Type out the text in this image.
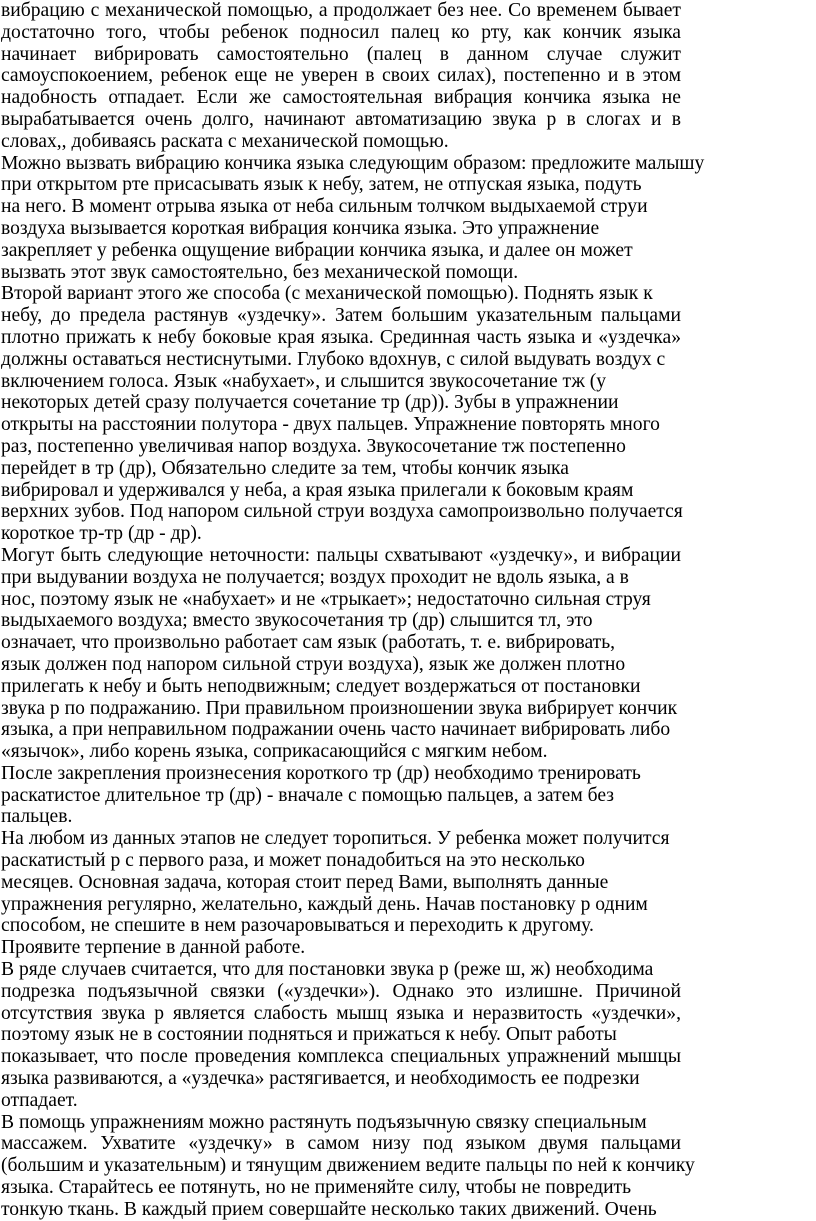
вибрацию с механической помощью, а продолжает без нее. Со временем бывает
достаточно того, чтобы ребенок подносил палец ко рту, как кончик языка
начинает вибрировать самостоятельно (палец в данном случае служит
самоуспокоением, ребенок еще не уверен в своих силах), постепенно и в этом
надобность отпадает. Если же самостоятельная вибрация кончика языка не
вырабатывается очень долго, начинают автоматизацию звука р в слогах и в
словах,, добиваясь раската с механической помощью.
Можно вызвать вибрацию кончика языка следующим образом: предложите малышу
при открытом рте присасывать язык к небу, затем, не отпуская языка, подуть
на него. В момент отрыва языка от неба сильным толчком выдыхаемой струи
воздуха вызывается короткая вибрация кончика языка. Это упражнение
закрепляет у ребенка ощущение вибрации кончика языка, и далее он может
вызвать этот звук самостоятельно, без механической помощи.
Второй вариант этого же способа (с механической помощью). Поднять язык к
небу, до предела растянув «уздечку». Затем большим указательным пальцами
плотно прижать к небу боковые края языка. Срединная часть языка и «уздечка»
должны оставаться нестиснутыми. Глубоко вдохнув, с силой выдувать воздух с
включением голоса. Язык «набухает», и слышится звукосочетание тж (у
некоторых детей сразу получается сочетание тр (др)). Зубы в упражнении
открыты на расстоянии полутора - двух пальцев. Упражнение повторять много
раз, постепенно увеличивая напор воздуха. Звукосочетание тж постепенно
перейдет в тр (др), Обязательно следите за тем, чтобы кончик языка
вибрировал и удерживался у неба, а края языка прилегали к боковым краям
верхних зубов. Под напором сильной струи воздуха самопроизвольно получается
короткое тр-тр (др - др).
Могут быть следующие неточности: пальцы схватывают «уздечку», и вибрации
при выдувании воздуха не получается; воздух проходит не вдоль языка, а в
нос, поэтому язык не «набухает» и не «трыкает»; недостаточно сильная струя
выдыхаемого воздуха; вместо звукосочетания тр (др) слышится тл, это
означает, что произвольно работает сам язык (работать, т. е. вибрировать,
язык должен под напором сильной струи воздуха), язык же должен плотно
прилегать к небу и быть неподвижным; следует воздержаться от постановки
звука р по подражанию. При правильном произношении звука вибрирует кончик
языка, а при неправильном подражании очень часто начинает вибрировать либо
«язычок», либо корень языка, соприкасающийся с мягким небом.
После закрепления произнесения короткого тр (др) необходимо тренировать
раскатистое длительное тр (др) - вначале с помощью пальцев, а затем без
пальцев.
На любом из данных этапов не следует торопиться. У ребенка может получится
раскатистый р с первого раза, и может понадобиться на это несколько
месяцев. Основная задача, которая стоит перед Вами, выполнять данные
упражнения регулярно, желательно, каждый день. Начав постановку р одним
способом, не спешите в нем разочаровываться и переходить к другому.
Проявите терпение в данной работе.
В ряде случаев считается, что для постановки звука р (реже ш, ж) необходима
подрезка подъязычной связки («уздечки»). Однако это излишне. Причиной
отсутствия звука р является слабость мышц языка и неразвитость «уздечки»,
поэтому язык не в состоянии подняться и прижаться к небу. Опыт работы
показывает, что после проведения комплекса специальных упражнений мышцы
языка развиваются, а «уздечка» растягивается, и необходимость ее подрезки
отпадает.
В помощь упражнениям можно растянуть подъязычную связку специальным
массажем. Ухватите «уздечку» в самом низу под языком двумя пальцами
(большим и указательным) и тянущим движением ведите пальцы по ней к кончику
языка. Старайтесь ее потянуть, но не применяйте силу, чтобы не повредить
тонкую ткань. В каждый прием совершайте несколько таких движений. Очень
